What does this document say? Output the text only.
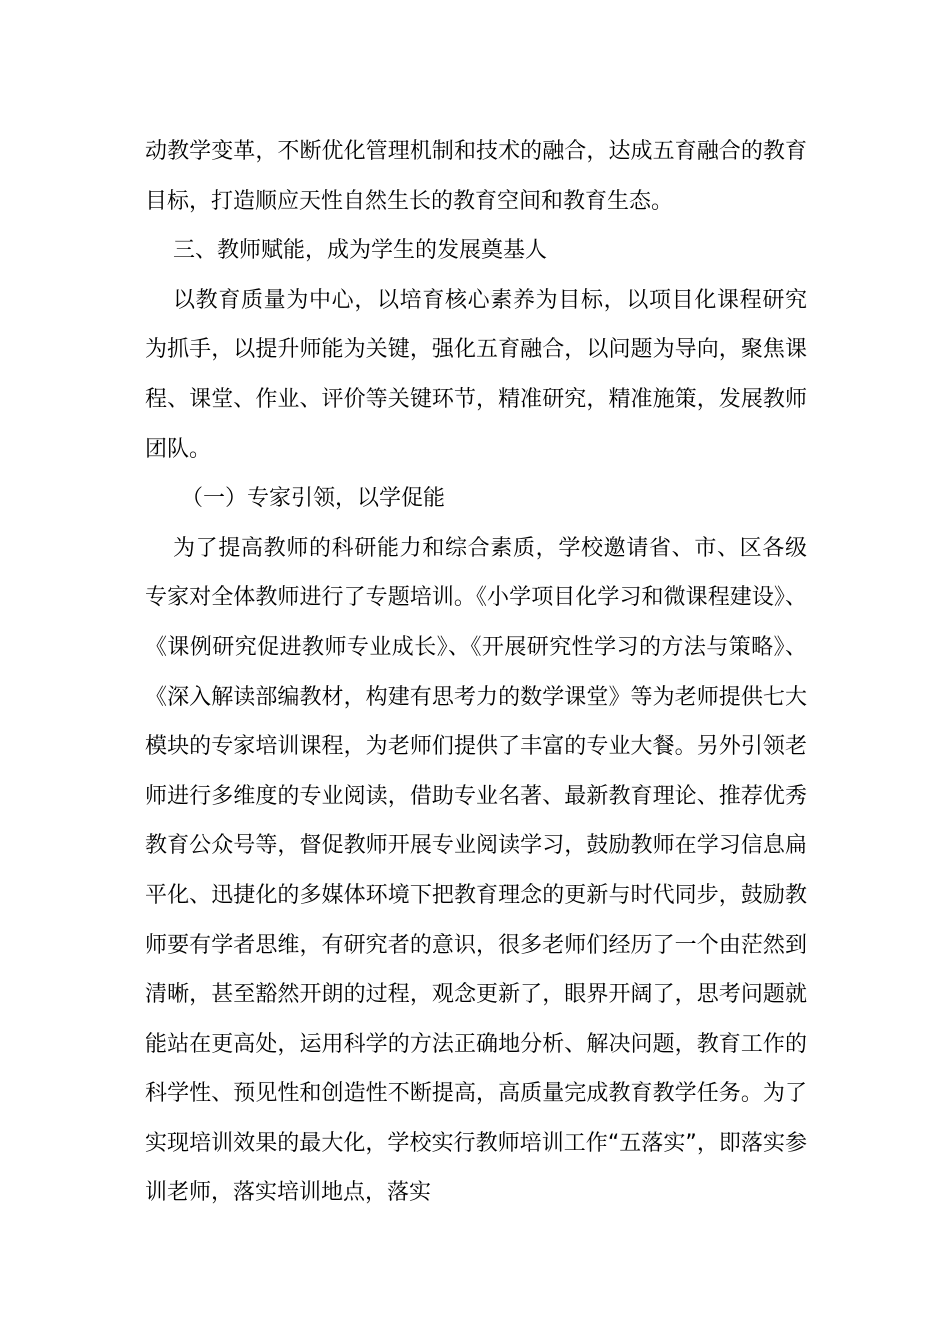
动教学变革，不断优化管理机制和技术的融合，达成五育融合的教育目标，打造顺应天性自然生长的教育空间和教育生态。

三、教师赋能，成为学生的发展奠基人

以教育质量为中心，以培育核心素养为目标，以项目化课程研究为抓手，以提升师能为关键，强化五育融合，以问题为导向，聚焦课程、课堂、作业、评价等关键环节，精准研究，精准施策，发展教师团队。

（一）专家引领，以学促能

为了提高教师的科研能力和综合素质，学校邀请省、市、区各级专家对全体教师进行了专题培训。《小学项目化学习和微课程建设》、《课例研究促进教师专业成长》、《开展研究性学习的方法与策略》、《深入解读部编教材，构建有思考力的数学课堂》等为老师提供七大模块的专家培训课程，为老师们提供了丰富的专业大餐。另外引领老师进行多维度的专业阅读，借助专业名著、最新教育理论、推荐优秀教育公众号等，督促教师开展专业阅读学习，鼓励教师在学习信息扁平化、迅捷化的多媒体环境下把教育理念的更新与时代同步，鼓励教师要有学者思维，有研究者的意识，很多老师们经历了一个由茫然到清晰，甚至豁然开朗的过程，观念更新了，眼界开阔了，思考问题就能站在更高处，运用科学的方法正确地分析、解决问题，教育工作的科学性、预见性和创造性不断提高，高质量完成教育教学任务。为了实现培训效果的最大化，学校实行教师培训工作“五落实”，即落实参训老师，落实培训地点，落实
